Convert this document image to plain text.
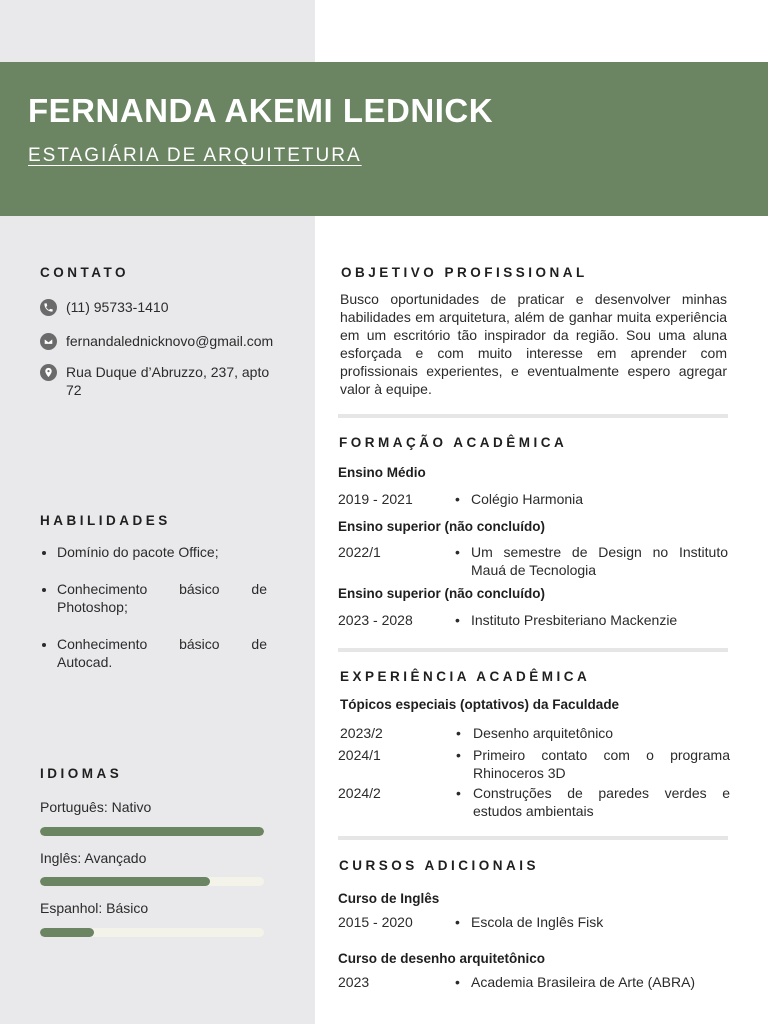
FERNANDA AKEMI LEDNICK

ESTAGIÁRIA DE ARQUITETURA

CONTATO
(11) 95733-1410
fernandalednicknovo@gmail.com
Rua Duque d’Abruzzo, 237, apto 72
HABILIDADES
• Domínio do pacote Office;
• Conhecimento básico de Photoshop;
• Conhecimento básico de Autocad.
IDIOMAS
Português: Nativo
Inglês: Avançado
Espanhol: Básico
OBJETIVO PROFISSIONAL

Busco oportunidades de praticar e desenvolver minhas habilidades em arquitetura, além de ganhar muita experiência em um escritório tão inspirador da região. Sou uma aluna esforçada e com muito interesse em aprender com profissionais experientes, e eventualmente espero agregar valor à equipe.

FORMAÇÃO ACADÊMICA

Ensino Médio

2019 - 2021	• Colégio Harmonia

Ensino superior (não concluído)

2022/1	• Um semestre de Design no Instituto Mauá de Tecnologia

Ensino superior (não concluído)

2023 - 2028	• Instituto Presbiteriano Mackenzie
EXPERIÊNCIA ACADÊMICA

Tópicos especiais (optativos) da Faculdade

2023/2	• Desenho arquitetônico
2024/1	• Primeiro contato com o programa Rhinoceros 3D
2024/2	• Construções de paredes verdes e estudos ambientais
CURSOS ADICIONAIS

Curso de Inglês

2015 - 2020	• Escola de Inglês Fisk

Curso de desenho arquitetônico

2023	• Academia Brasileira de Arte (ABRA)
